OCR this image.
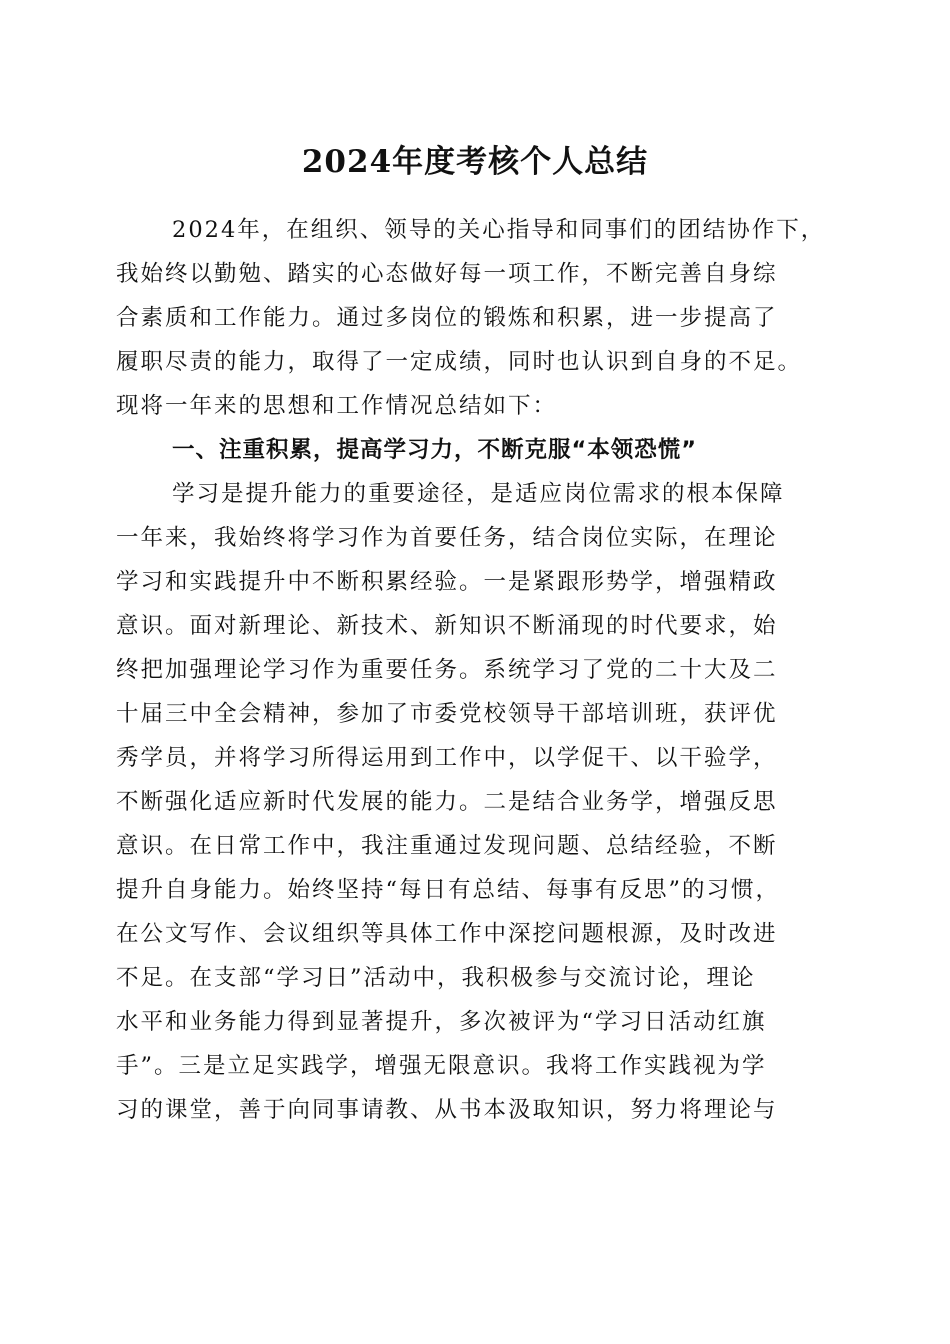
2024年度考核个人总结
2024年，在组织、领导的关心指导和同事们的团结协作下，
我始终以勤勉、踏实的心态做好每一项工作，不断完善自身综
合素质和工作能力。通过多岗位的锻炼和积累，进一步提高了
履职尽责的能力，取得了一定成绩，同时也认识到自身的不足。
现将一年来的思想和工作情况总结如下：
一、注重积累，提高学习力，不断克服“本领恐慌”
学习是提升能力的重要途径，是适应岗位需求的根本保障
一年来，我始终将学习作为首要任务，结合岗位实际，在理论
学习和实践提升中不断积累经验。一是紧跟形势学，增强精政
意识。面对新理论、新技术、新知识不断涌现的时代要求，始
终把加强理论学习作为重要任务。系统学习了党的二十大及二
十届三中全会精神，参加了市委党校领导干部培训班，获评优
秀学员，并将学习所得运用到工作中，以学促干、以干验学，
不断强化适应新时代发展的能力。二是结合业务学，增强反思
意识。在日常工作中，我注重通过发现问题、总结经验，不断
提升自身能力。始终坚持“每日有总结、每事有反思”的习惯，
在公文写作、会议组织等具体工作中深挖问题根源，及时改进
不足。在支部“学习日”活动中，我积极参与交流讨论，理论
水平和业务能力得到显著提升，多次被评为“学习日活动红旗
手”。三是立足实践学，增强无限意识。我将工作实践视为学
习的课堂，善于向同事请教、从书本汲取知识，努力将理论与
